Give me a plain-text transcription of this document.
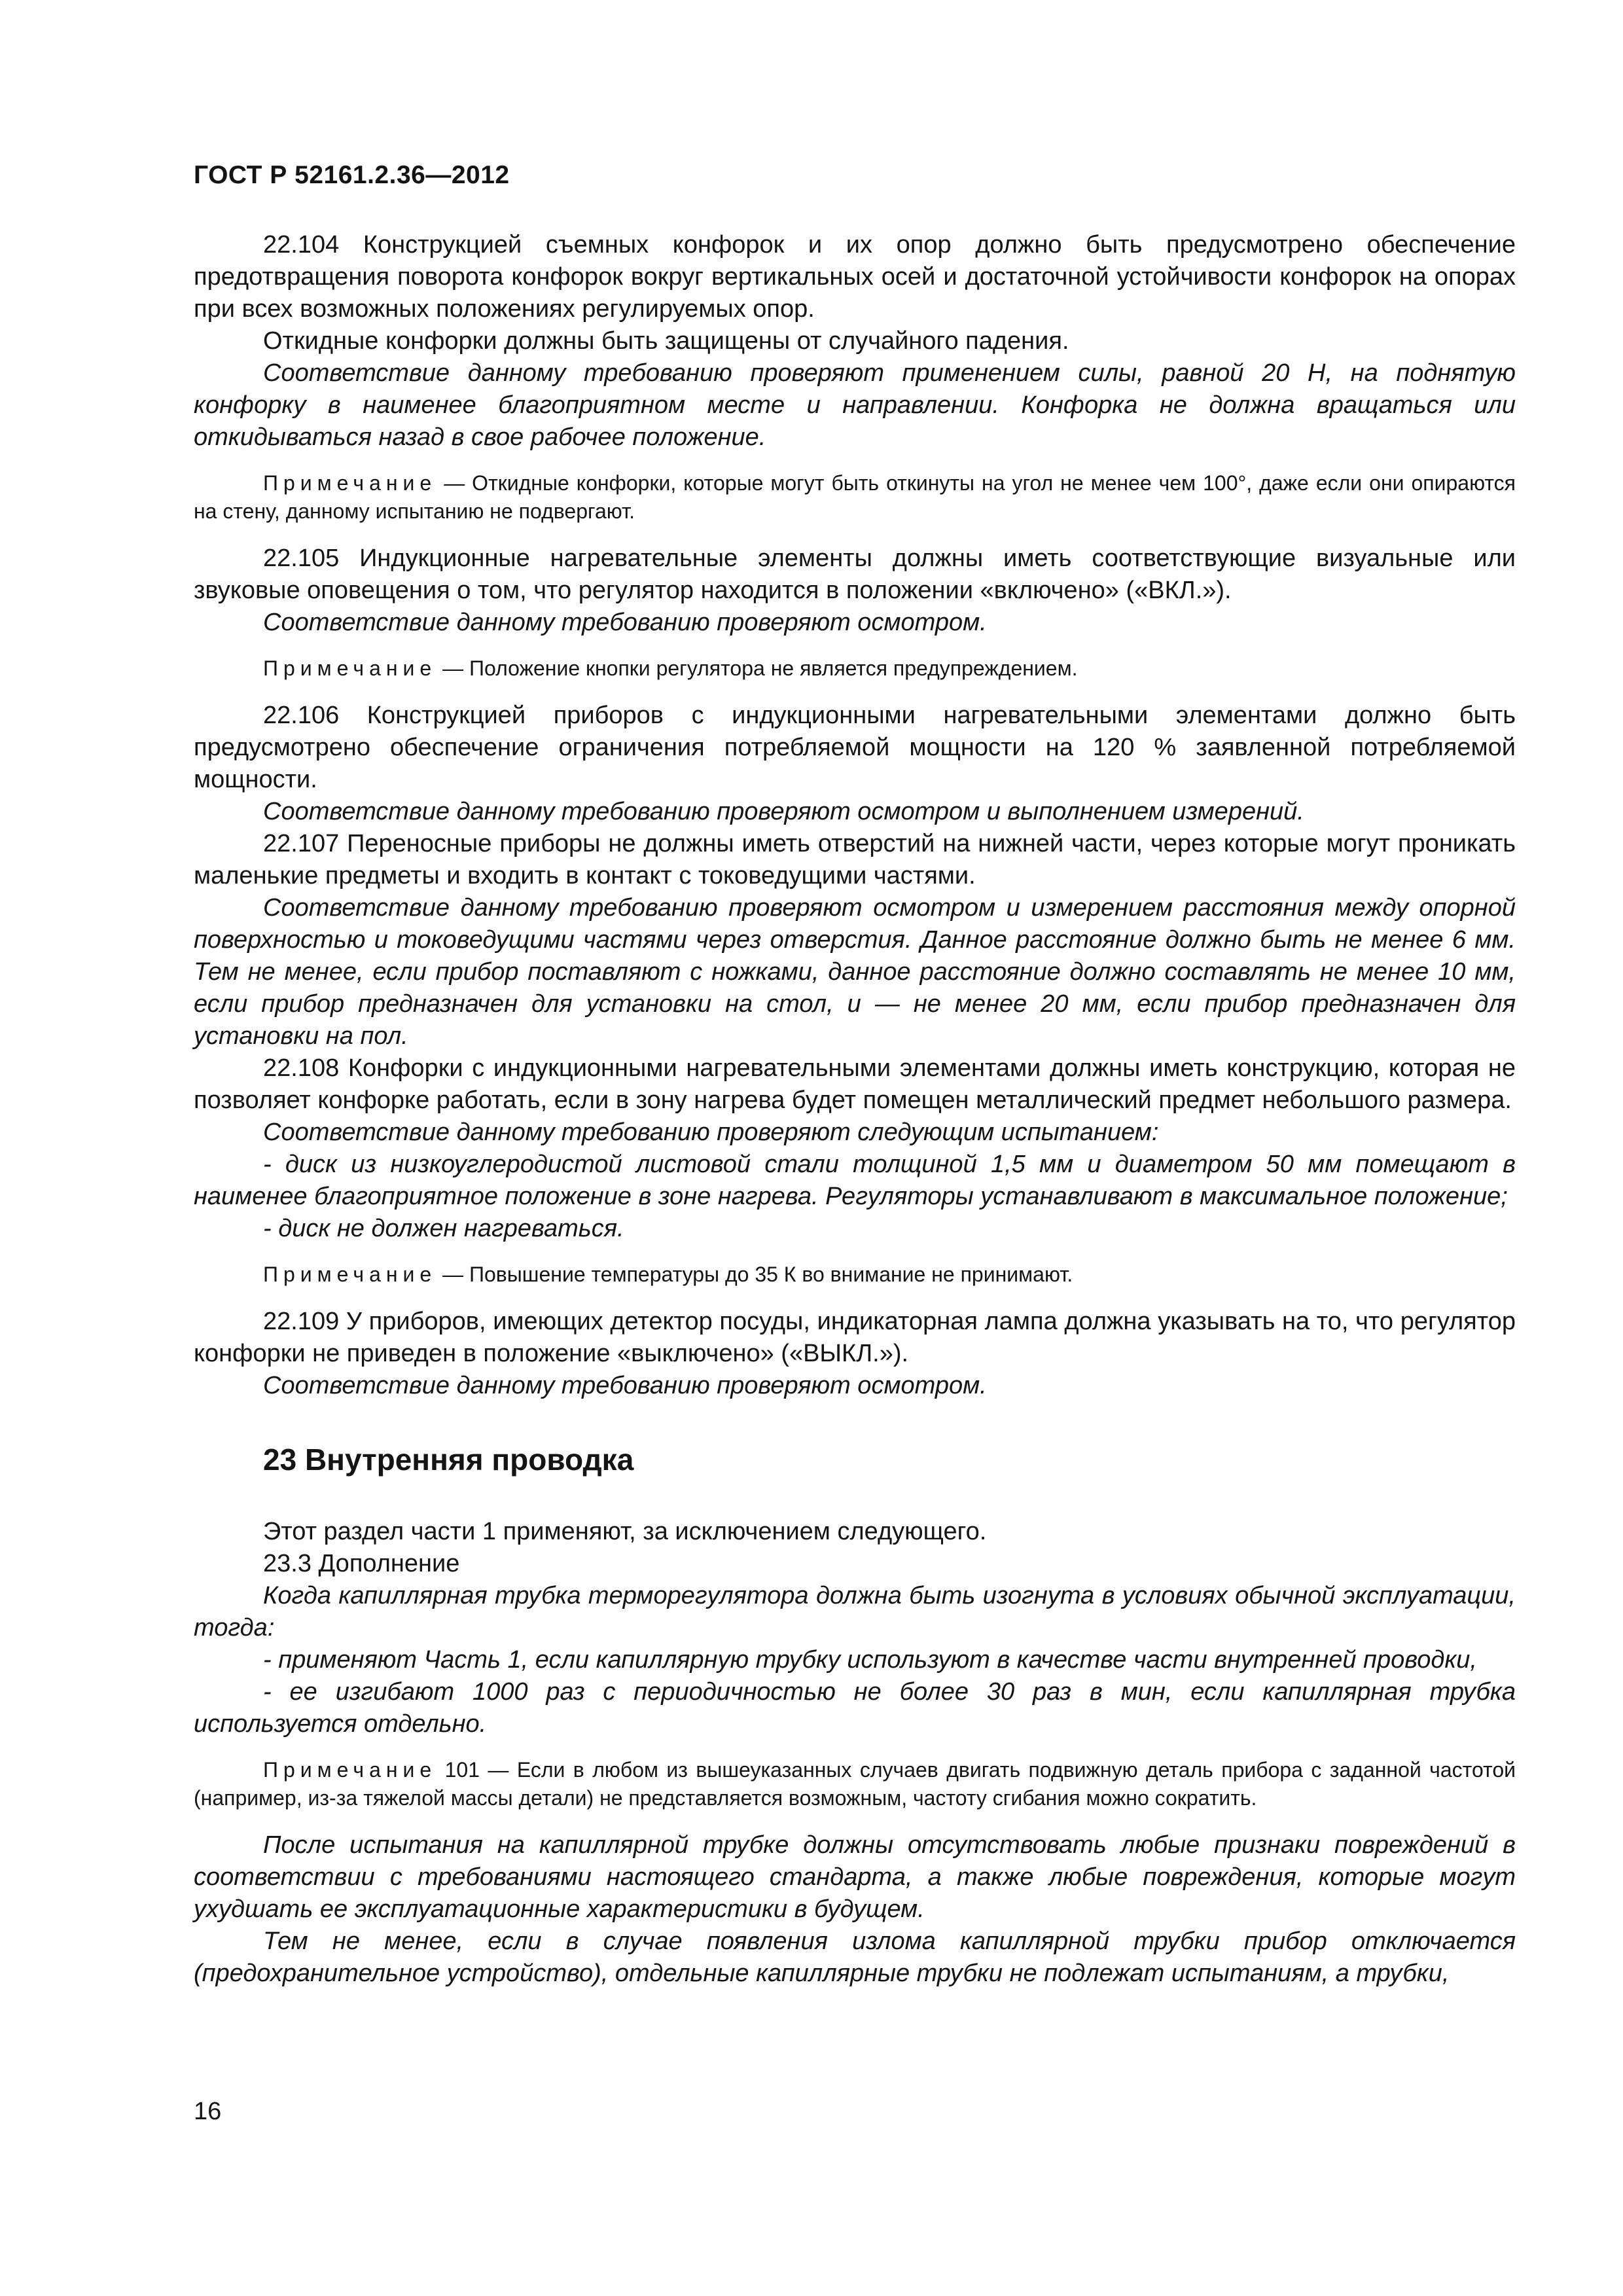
ГОСТ Р 52161.2.36—2012

22.104 Конструкцией съемных конфорок и их опор должно быть предусмотрено обеспечение предотвращения поворота конфорок вокруг вертикальных осей и достаточной устойчивости конфорок на опорах при всех возможных положениях регулируемых опор.

Откидные конфорки должны быть защищены от случайного падения.

Соответствие данному требованию проверяют применением силы, равной 20 Н, на поднятую конфорку в наименее благоприятном месте и направлении. Конфорка не должна вращаться или откидываться назад в свое рабочее положение.

Примечание — Откидные конфорки, которые могут быть откинуты на угол не менее чем 100°, даже если они опираются на стену, данному испытанию не подвергают.

22.105 Индукционные нагревательные элементы должны иметь соответствующие визуальные или звуковые оповещения о том, что регулятор находится в положении «включено» («ВКЛ.»).

Соответствие данному требованию проверяют осмотром.

Примечание — Положение кнопки регулятора не является предупреждением.

22.106 Конструкцией приборов с индукционными нагревательными элементами должно быть предусмотрено обеспечение ограничения потребляемой мощности на 120 % заявленной потребляемой мощности.

Соответствие данному требованию проверяют осмотром и выполнением измерений.

22.107 Переносные приборы не должны иметь отверстий на нижней части, через которые могут проникать маленькие предметы и входить в контакт с токоведущими частями.

Соответствие данному требованию проверяют осмотром и измерением расстояния между опорной поверхностью и токоведущими частями через отверстия. Данное расстояние должно быть не менее 6 мм. Тем не менее, если прибор поставляют с ножками, данное расстояние должно составлять не менее 10 мм, если прибор предназначен для установки на стол, и — не менее 20 мм, если прибор предназначен для установки на пол.

22.108 Конфорки с индукционными нагревательными элементами должны иметь конструкцию, которая не позволяет конфорке работать, если в зону нагрева будет помещен металлический предмет небольшого размера.

Соответствие данному требованию проверяют следующим испытанием:

- диск из низкоуглеродистой листовой стали толщиной 1,5 мм и диаметром 50 мм помещают в наименее благоприятное положение в зоне нагрева. Регуляторы устанавливают в максимальное положение;

- диск не должен нагреваться.

Примечание — Повышение температуры до 35 К во внимание не принимают.

22.109 У приборов, имеющих детектор посуды, индикаторная лампа должна указывать на то, что регулятор конфорки не приведен в положение «выключено» («ВЫКЛ.»).

Соответствие данному требованию проверяют осмотром.

23 Внутренняя проводка

Этот раздел части 1 применяют, за исключением следующего.

23.3 Дополнение

Когда капиллярная трубка терморегулятора должна быть изогнута в условиях обычной эксплуатации, тогда:

- применяют Часть 1, если капиллярную трубку используют в качестве части внутренней проводки,

- ее изгибают 1000 раз с периодичностью не более 30 раз в мин, если капиллярная трубка используется отдельно.

Примечание 101 — Если в любом из вышеуказанных случаев двигать подвижную деталь прибора с заданной частотой (например, из-за тяжелой массы детали) не представляется возможным, частоту сгибания можно сократить.

После испытания на капиллярной трубке должны отсутствовать любые признаки повреждений в соответствии с требованиями настоящего стандарта, а также любые повреждения, которые могут ухудшать ее эксплуатационные характеристики в будущем.

Тем не менее, если в случае появления излома капиллярной трубки прибор отключается (предохранительное устройство), отдельные капиллярные трубки не подлежат испытаниям, а трубки,

16
